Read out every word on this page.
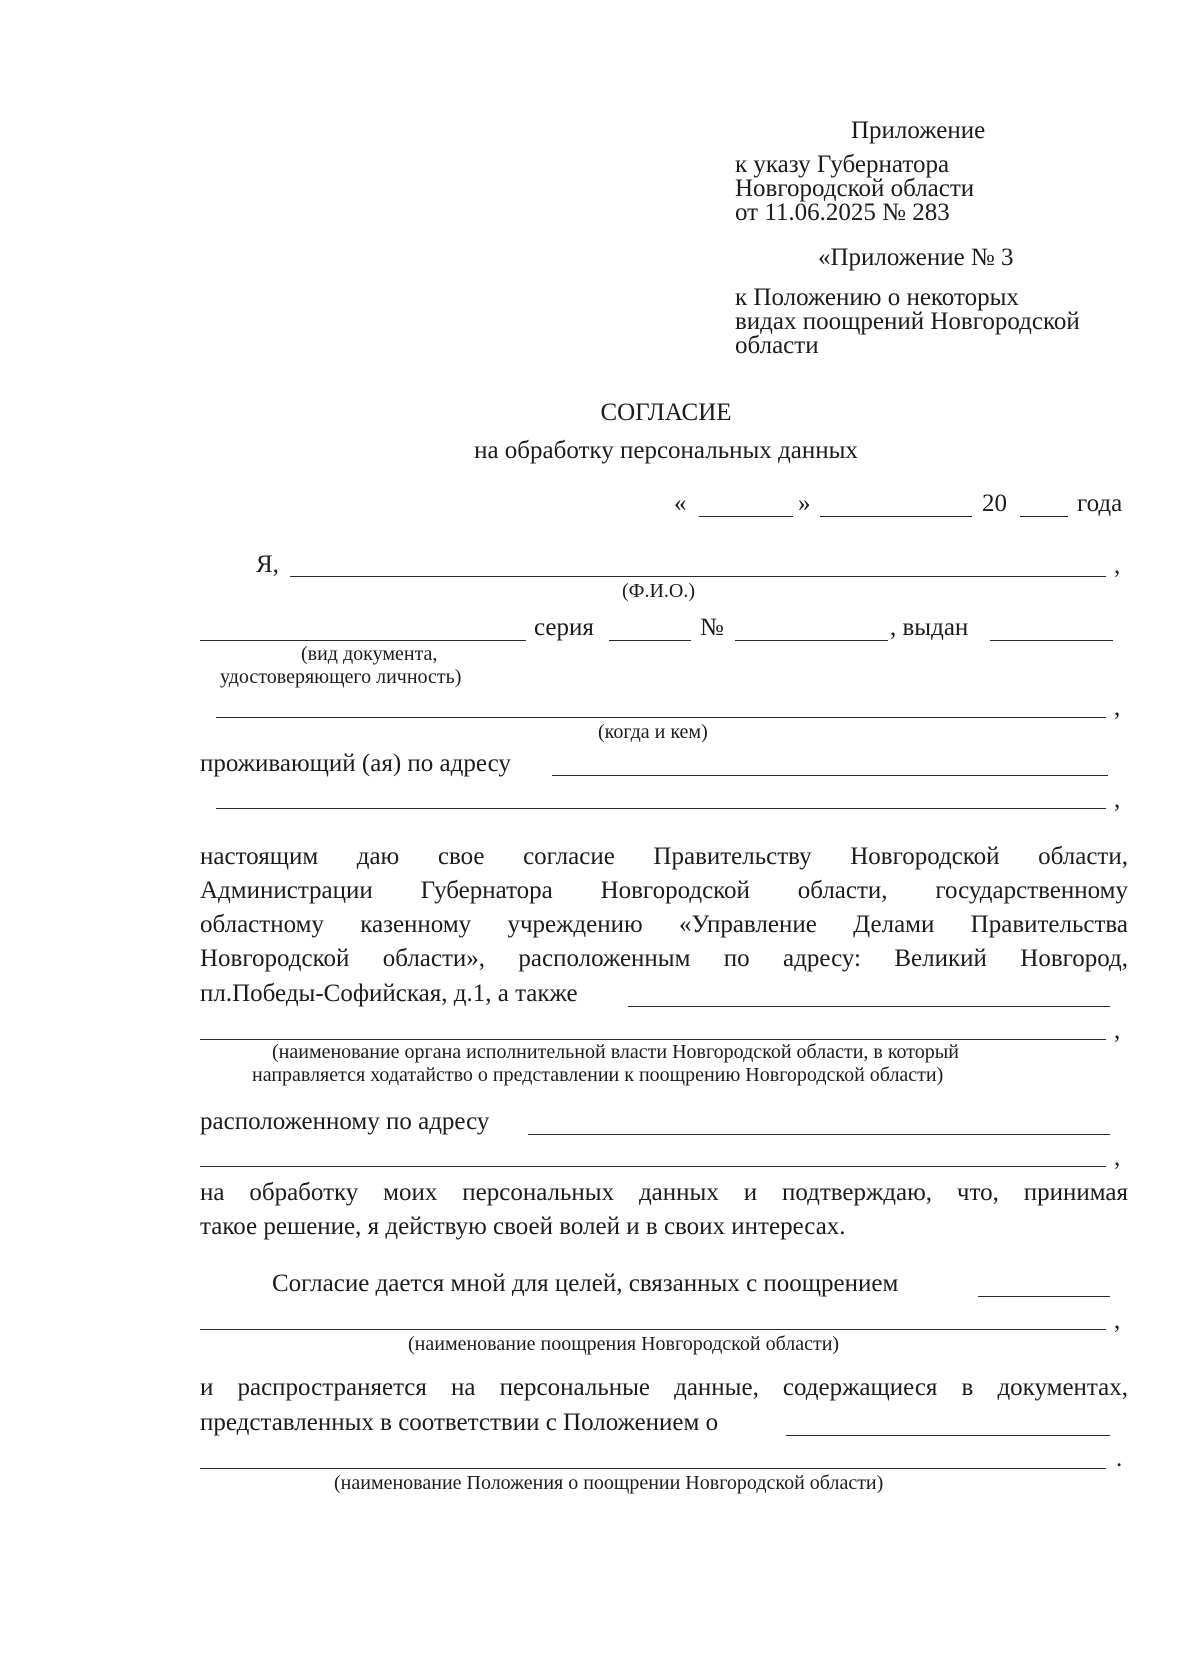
Приложение
к указу Губернатора
Новгородской области
от 11.06.2025 № 283
«Приложение № 3
к Положению о некоторых
видах поощрений Новгородской
области
СОГЛАСИЕ
на обработку персональных данных
«	»	20	года
Я,	,
(Ф.И.О.)
серия	№	, выдан
(вид документа,
удостоверяющего личность)
,
(когда и кем)
проживающий (ая) по адресу
,
настоящим даю свое согласие Правительству Новгородской области,
Администрации Губернатора Новгородской области, государственному
областному казенному учреждению «Управление Делами Правительства
Новгородской области», расположенным по адресу: Великий Новгород,
пл.Победы-Софийская, д.1, а также
,
(наименование органа исполнительной власти Новгородской области, в который
направляется ходатайство о представлении к поощрению Новгородской области)
расположенному по адресу
,
на обработку моих персональных данных и подтверждаю, что, принимая
такое решение, я действую своей волей и в своих интересах.
Согласие дается мной для целей, связанных с поощрением
,
(наименование поощрения Новгородской области)
и распространяется на персональные данные, содержащиеся в документах,
представленных в соответствии с Положением о
.
(наименование Положения о поощрении Новгородской области)
